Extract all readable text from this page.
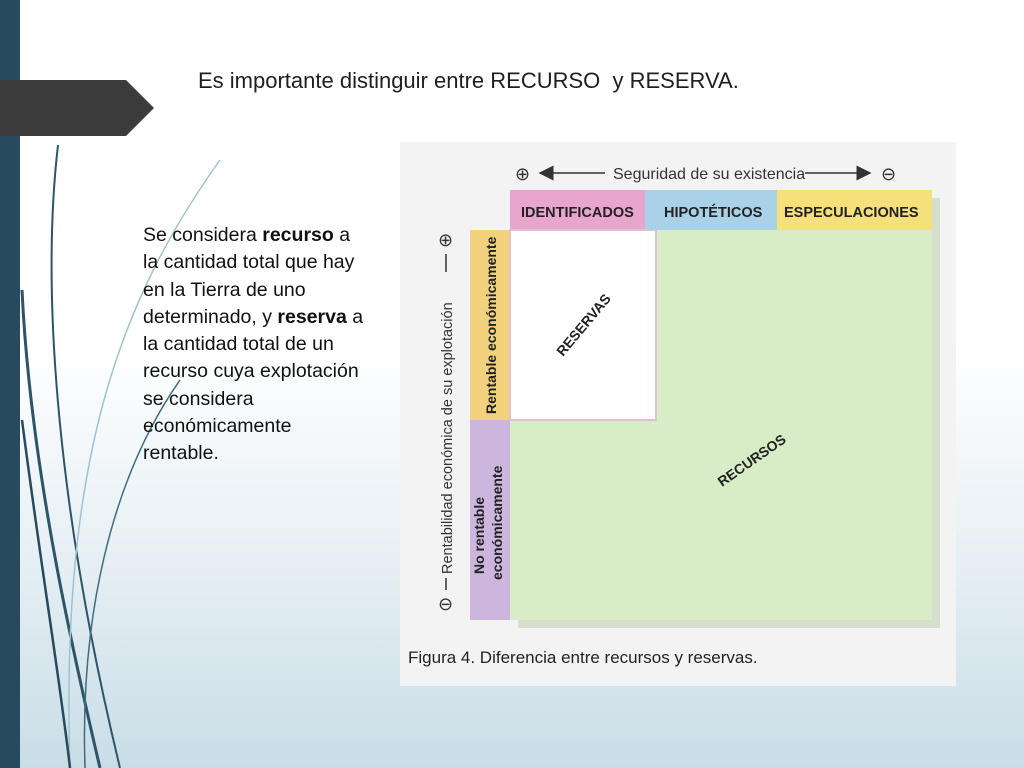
Es importante distinguir entre RECURSO  y RESERVA.
Se considera recurso a la cantidad total que hay en la Tierra de uno determinado, y reserva a la cantidad total de un recurso cuya explotación se considera económicamente rentable.
⊕	Seguridad de su existencia	⊖
IDENTIFICADOS HIPOTÉTICOS ESPECULACIONES
Rentable económicamente
No rentable económicamente
RESERVAS
RECURSOS
⊕
Rentabilidad económica de su explotación
⊖
Figura 4. Diferencia entre recursos y reservas.
